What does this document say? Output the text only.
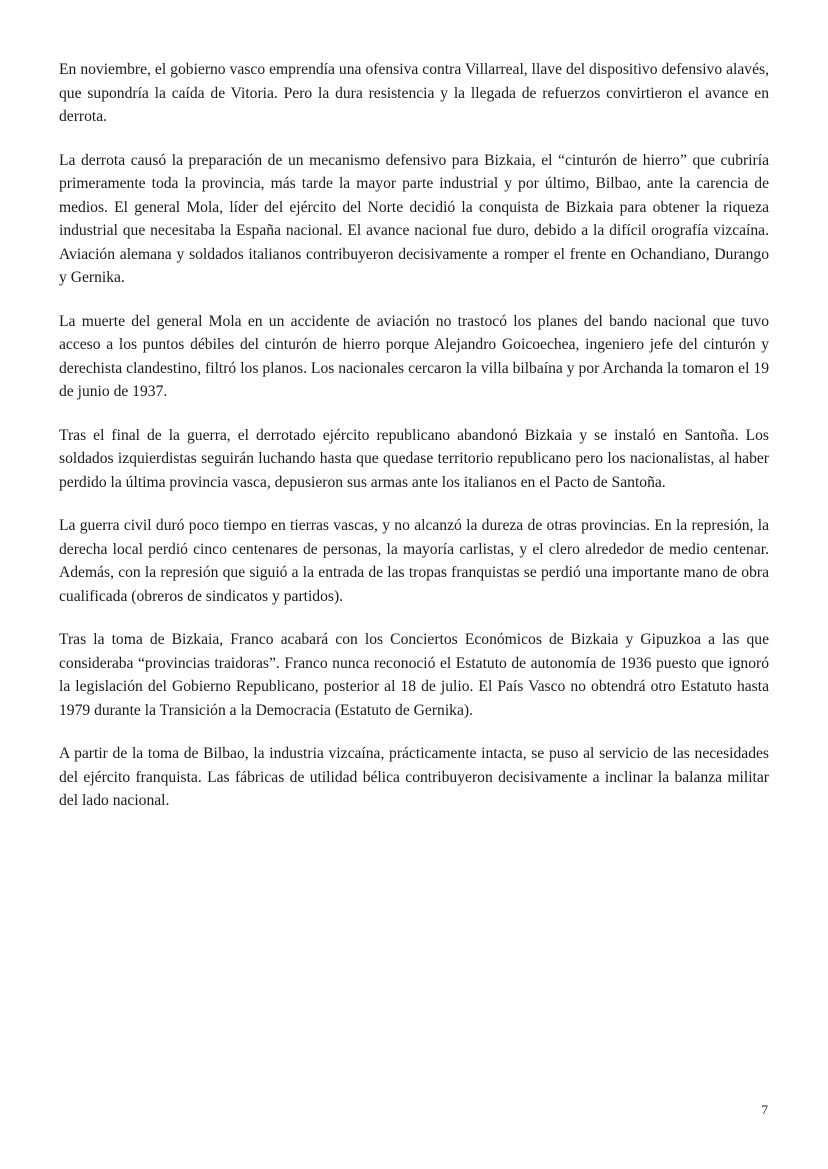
En noviembre, el gobierno vasco emprendía una ofensiva contra Villarreal, llave del dispositivo defensivo alavés, que supondría la caída de Vitoria. Pero la dura resistencia y la llegada de refuerzos convirtieron el avance en derrota.

La derrota causó la preparación de un mecanismo defensivo para Bizkaia, el “cinturón de hierro” que cubriría primeramente toda la provincia, más tarde la mayor parte industrial y por último, Bilbao, ante la carencia de medios. El general Mola, líder del ejército del Norte decidió la conquista de Bizkaia para obtener la riqueza industrial que necesitaba la España nacional. El avance nacional fue duro, debido a la difícil orografía vizcaína. Aviación alemana y soldados italianos contribuyeron decisivamente a romper el frente en Ochandiano, Durango y Gernika.

La muerte del general Mola en un accidente de aviación no trastocó los planes del bando nacional que tuvo acceso a los puntos débiles del cinturón de hierro porque Alejandro Goicoechea, ingeniero jefe del cinturón y derechista clandestino, filtró los planos. Los nacionales cercaron la villa bilbaína y por Archanda la tomaron el 19 de junio de 1937.

Tras el final de la guerra, el derrotado ejército republicano abandonó Bizkaia y se instaló en Santoña. Los soldados izquierdistas seguirán luchando hasta que quedase territorio republicano pero los nacionalistas, al haber perdido la última provincia vasca, depusieron sus armas ante los italianos en el Pacto de Santoña.

La guerra civil duró poco tiempo en tierras vascas, y no alcanzó la dureza de otras provincias. En la represión, la derecha local perdió cinco centenares de personas, la mayoría carlistas, y el clero alrededor de medio centenar. Además, con la represión que siguió a la entrada de las tropas franquistas se perdió una importante mano de obra cualificada (obreros de sindicatos y partidos).

Tras la toma de Bizkaia, Franco acabará con los Conciertos Económicos de Bizkaia y Gipuzkoa a las que consideraba “provincias traidoras”. Franco nunca reconoció el Estatuto de autonomía de 1936 puesto que ignoró la legislación del Gobierno Republicano, posterior al 18 de julio. El País Vasco no obtendrá otro Estatuto hasta 1979 durante la Transición a la Democracia (Estatuto de Gernika).

A partir de la toma de Bilbao, la industria vizcaína, prácticamente intacta, se puso al servicio de las necesidades del ejército franquista. Las fábricas de utilidad bélica contribuyeron decisivamente a inclinar la balanza militar del lado nacional.

7
